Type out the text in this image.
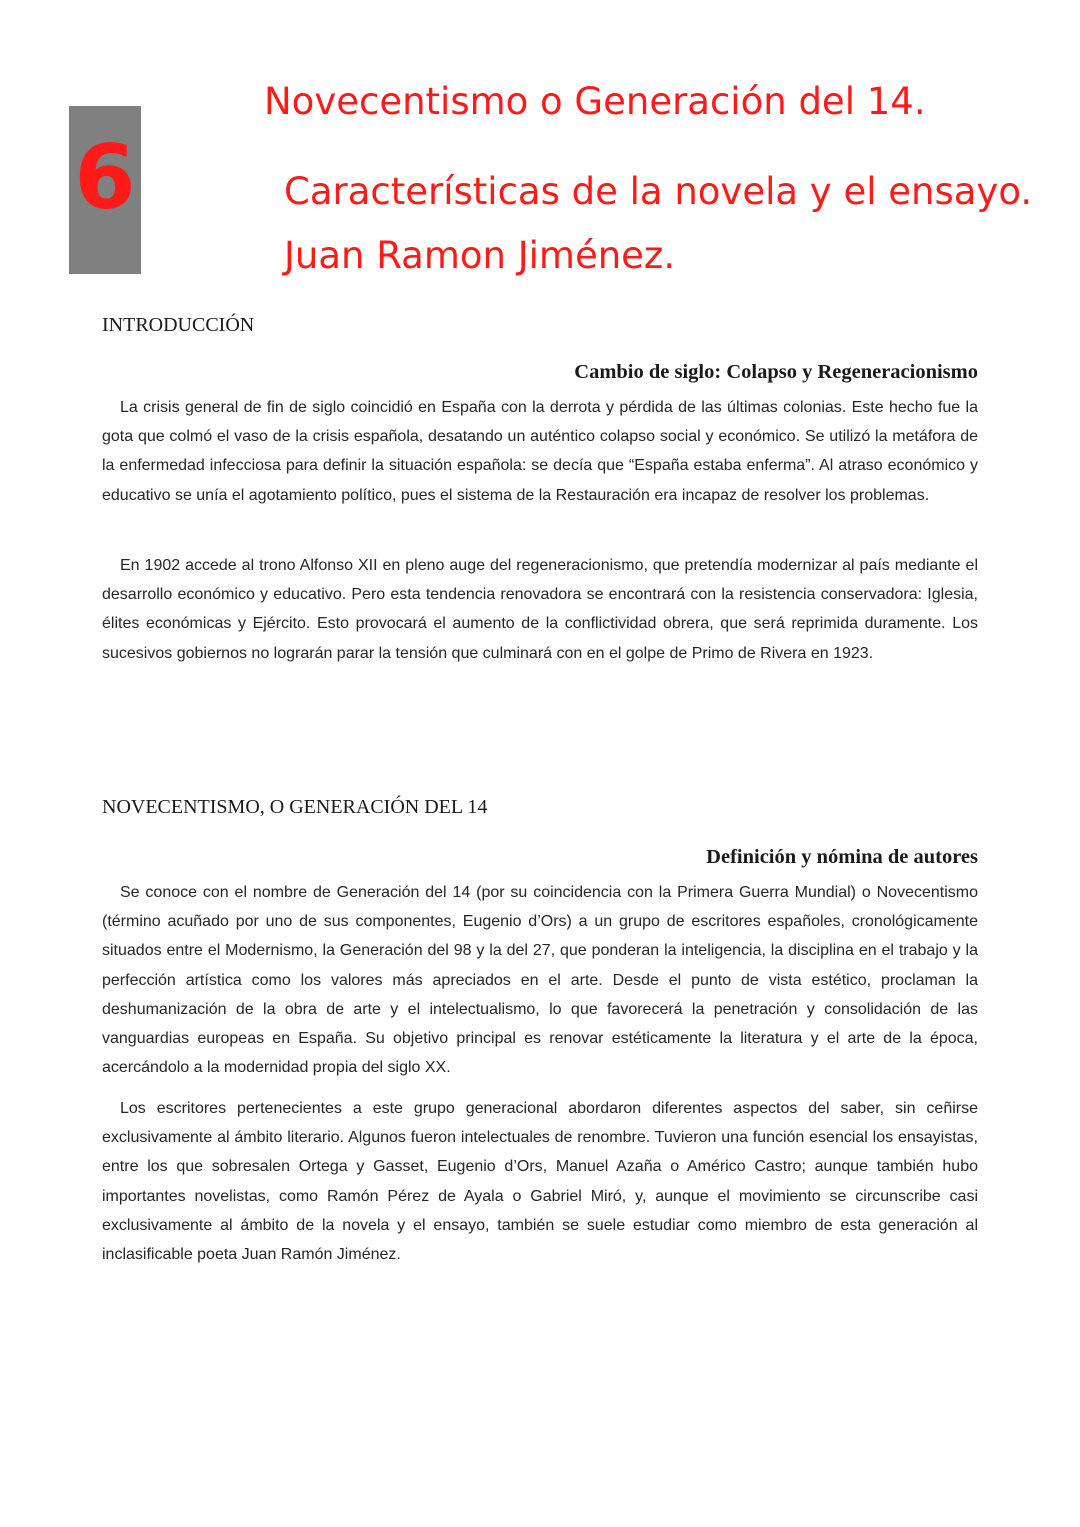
6
Novecentismo o Generación del 14.
Características de la novela y el ensayo.
Juan Ramon Jiménez.
INTRODUCCIÓN
Cambio de siglo: Colapso y Regeneracionismo

La crisis general de fin de siglo coincidió en España con la derrota y pérdida de las últimas colonias. Este hecho fue la gota que colmó el vaso de la crisis española, desatando un auténtico colapso social y económico. Se utilizó la metáfora de la enfermedad infecciosa para definir la situación española: se decía que “España estaba enferma”. Al atraso económico y educativo se unía el agotamiento político, pues el sistema de la Restauración era incapaz de resolver los problemas.

En 1902 accede al trono Alfonso XII en pleno auge del regeneracionismo, que pretendía modernizar al país mediante el desarrollo económico y educativo. Pero esta tendencia renovadora se encontrará con la resistencia conservadora: Iglesia, élites económicas y Ejército. Esto provocará el aumento de la conflictividad obrera, que será reprimida duramente. Los sucesivos gobiernos no lograrán parar la tensión que culminará con en el golpe de Primo de Rivera en 1923.

NOVECENTISMO, O GENERACIÓN DEL 14
Definición y nómina de autores

Se conoce con el nombre de Generación del 14 (por su coincidencia con la Primera Guerra Mundial) o Novecentismo (término acuñado por uno de sus componentes, Eugenio d’Ors) a un grupo de escritores españoles, cronológicamente situados entre el Modernismo, la Generación del 98 y la del 27, que ponderan la inteligencia, la disciplina en el trabajo y la perfección artística como los valores más apreciados en el arte. Desde el punto de vista estético, proclaman la deshumanización de la obra de arte y el intelectualismo, lo que favorecerá la penetración y consolidación de las vanguardias europeas en España. Su objetivo principal es renovar estéticamente la literatura y el arte de la época, acercándolo a la modernidad propia del siglo XX.

Los escritores pertenecientes a este grupo generacional abordaron diferentes aspectos del saber, sin ceñirse exclusivamente al ámbito literario. Algunos fueron intelectuales de renombre. Tuvieron una función esencial los ensayistas, entre los que sobresalen Ortega y Gasset, Eugenio d’Ors, Manuel Azaña o Américo Castro; aunque también hubo importantes novelistas, como Ramón Pérez de Ayala o Gabriel Miró, y, aunque el movimiento se circunscribe casi exclusivamente al ámbito de la novela y el ensayo, también se suele estudiar como miembro de esta generación al inclasificable poeta Juan Ramón Jiménez.
